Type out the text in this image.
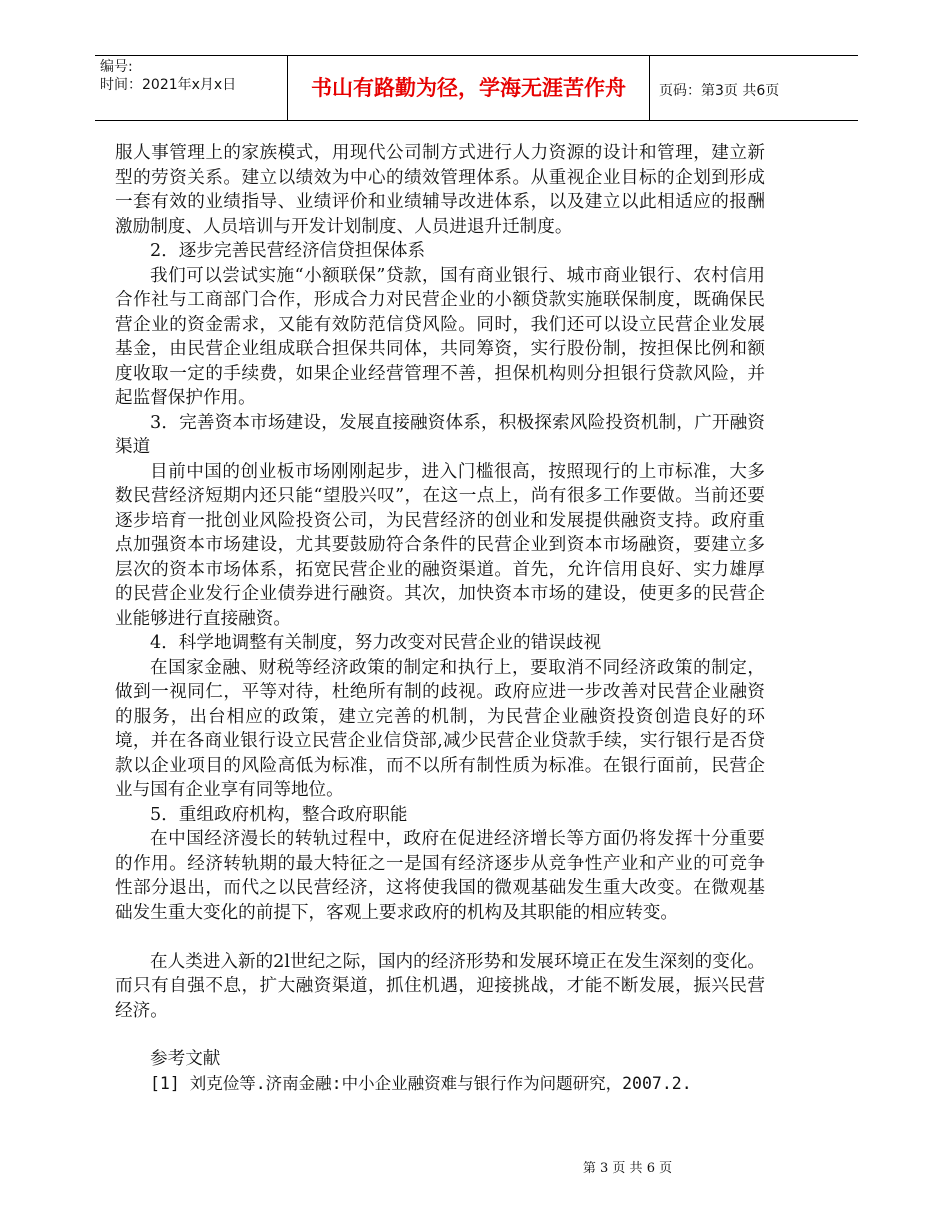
编号:
时间：2021年x月x日	书山有路勤为径，学海无涯苦作舟	页码：第3页 共6页

服人事管理上的家族模式，用现代公司制方式进行人力资源的设计和管理，建立新型的劳资关系。建立以绩效为中心的绩效管理体系。从重视企业目标的企划到形成一套有效的业绩指导、业绩评价和业绩辅导改进体系，以及建立以此相适应的报酬激励制度、人员培训与开发计划制度、人员进退升迁制度。

2．逐步完善民营经济信贷担保体系

我们可以尝试实施“小额联保”贷款，国有商业银行、城市商业银行、农村信用合作社与工商部门合作，形成合力对民营企业的小额贷款实施联保制度，既确保民营企业的资金需求，又能有效防范信贷风险。同时，我们还可以设立民营企业发展基金，由民营企业组成联合担保共同体，共同筹资，实行股份制，按担保比例和额度收取一定的手续费，如果企业经营管理不善，担保机构则分担银行贷款风险，并起监督保护作用。

3．完善资本市场建设，发展直接融资体系，积极探索风险投资机制，广开融资渠道

目前中国的创业板市场刚刚起步，进入门槛很高，按照现行的上市标准，大多数民营经济短期内还只能“望股兴叹”，在这一点上，尚有很多工作要做。当前还要逐步培育一批创业风险投资公司，为民营经济的创业和发展提供融资支持。政府重点加强资本市场建设，尤其要鼓励符合条件的民营企业到资本市场融资，要建立多层次的资本市场体系，拓宽民营企业的融资渠道。首先，允许信用良好、实力雄厚的民营企业发行企业债券进行融资。其次，加快资本市场的建设，使更多的民营企业能够进行直接融资。

4．科学地调整有关制度，努力改变对民营企业的错误歧视

在国家金融、财税等经济政策的制定和执行上，要取消不同经济政策的制定，做到一视同仁，平等对待，杜绝所有制的歧视。政府应进一步改善对民营企业融资的服务，出台相应的政策，建立完善的机制，为民营企业融资投资创造良好的环境，并在各商业银行设立民营企业信贷部,减少民营企业贷款手续，实行银行是否贷款以企业项目的风险高低为标准，而不以所有制性质为标准。在银行面前，民营企业与国有企业享有同等地位。

5．重组政府机构，整合政府职能

在中国经济漫长的转轨过程中，政府在促进经济增长等方面仍将发挥十分重要的作用。经济转轨期的最大特征之一是国有经济逐步从竞争性产业和产业的可竞争性部分退出，而代之以民营经济，这将使我国的微观基础发生重大改变。在微观基础发生重大变化的前提下，客观上要求政府的机构及其职能的相应转变。

在人类进入新的2l世纪之际，国内的经济形势和发展环境正在发生深刻的变化。而只有自强不息，扩大融资渠道，抓住机遇，迎接挑战，才能不断发展，振兴民营经济。

参考文献

[1] 刘克俭等.济南金融:中小企业融资难与银行作为问题研究，2007.2.

第 3 页 共 6 页
